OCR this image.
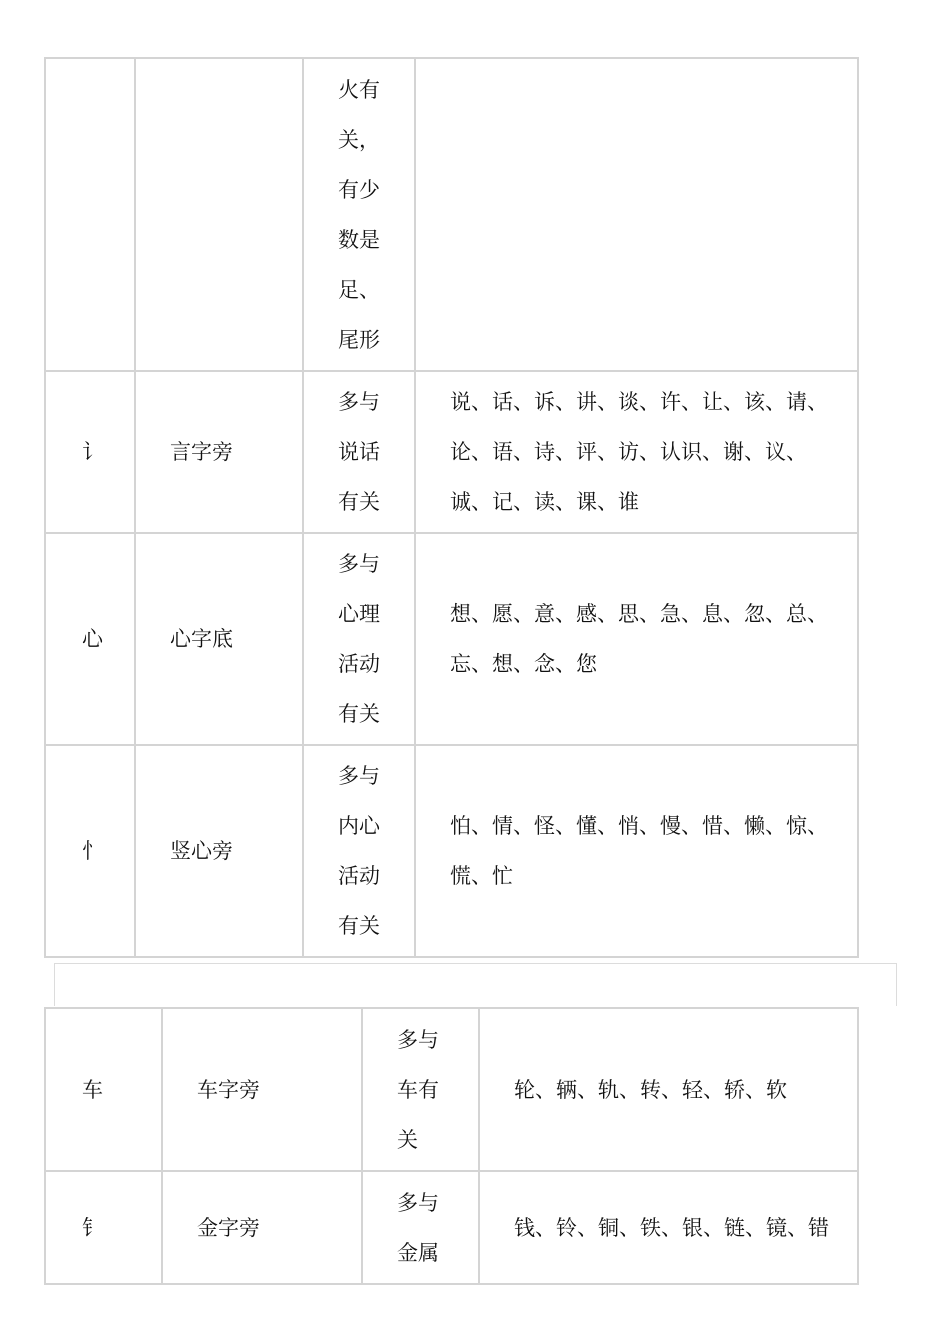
		火有关，有少数是足、尾形	

讠	言字旁	多与说话有关	说、话、诉、讲、谈、许、让、该、请、论、语、诗、评、访、认识、谢、议、诚、记、读、课、谁
心	心字底	多与心理活动有关	想、愿、意、感、思、急、息、忽、总、忘、想、念、您
忄	竖心旁	多与内心活动有关	怕、情、怪、懂、悄、慢、惜、懒、惊、慌、忙
车	车字旁	多与车有关	轮、辆、轨、转、轻、轿、软
钅	金字旁	多与金属	钱、铃、铜、铁、银、链、镜、错
